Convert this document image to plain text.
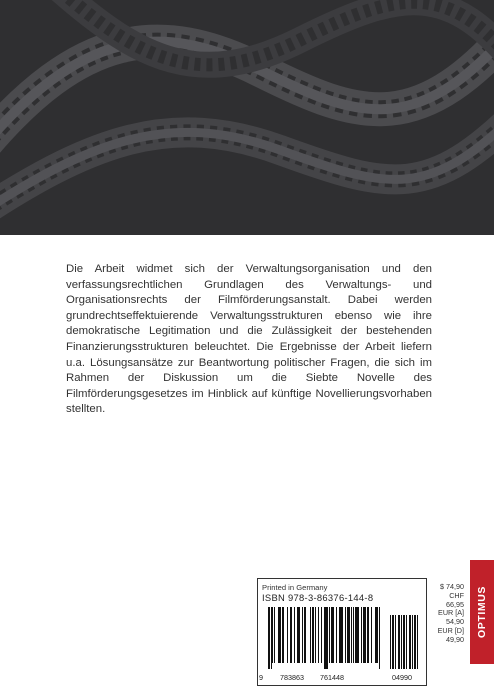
Die Arbeit widmet sich der Verwaltungsorganisation und den verfassungsrechtlichen Grundlagen des Verwaltungs- und Organisationsrechts der Filmförderungsanstalt. Dabei werden grundrechtseffektuierende Verwaltungsstrukturen ebenso wie ihre demokratische Legitimation und die Zulässigkeit der bestehenden Finanzierungsstrukturen beleuchtet. Die Ergebnisse der Arbeit liefern u.a. Lösungsansätze zur Beantwortung politischer Fragen, die sich im Rahmen der Diskussion um die Siebte Novelle des Filmförderungsgesetzes im Hinblick auf künftige Novellierungsvorhaben stellten.

Printed in Germany
ISBN 978-3-86376-144-8
9 783863 761448	04990
$ 74,90
CHF 66,95
EUR [A] 54,90
EUR [D] 49,90
OPTIMUS
